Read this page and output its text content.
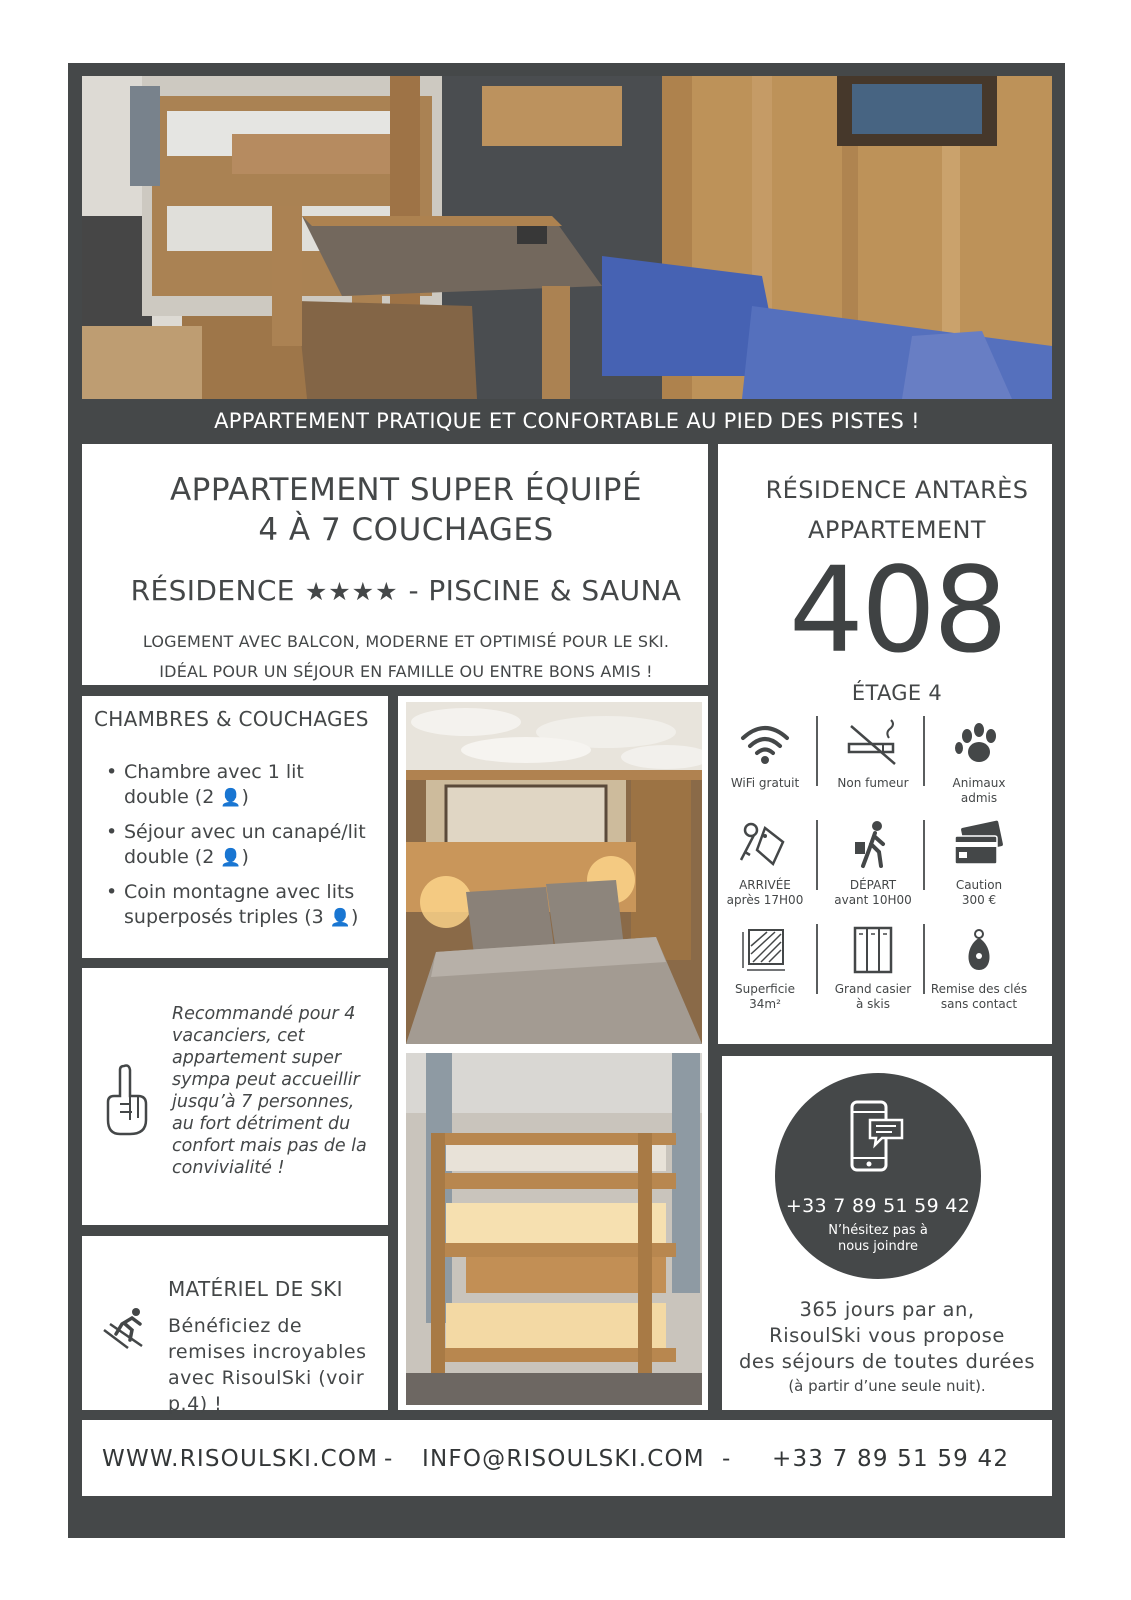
APPARTEMENT PRATIQUE ET CONFORTABLE AU PIED DES PISTES !
APPARTEMENT SUPER ÉQUIPÉ
4 À 7 COUCHAGES
RÉSIDENCE ★★★★ - PISCINE & SAUNA
LOGEMENT AVEC BALCON, MODERNE ET OPTIMISÉ POUR LE SKI.
IDÉAL POUR UN SÉJOUR EN FAMILLE OU ENTRE BONS AMIS !
RÉSIDENCE ANTARÈS
APPARTEMENT
408
ÉTAGE 4
WiFi gratuit	Non fumeur	Animaux
admis
ARRIVÉE
après 17H00
DÉPART
avant 10H00
Caution
300 €
Superficie
34m²
Grand casier
à skis
Remise des clés
sans contact
CHAMBRES & COUCHAGES
• Chambre avec 1 lit
double (2 👤)
• Séjour avec un canapé/lit
double (2 👤)
• Coin montagne avec lits
superposés triples (3 👤)
Recommandé pour 4 vacanciers, cet appartement super sympa peut accueillir jusqu’à 7 personnes, au fort détriment du confort mais pas de la convivialité !
MATÉRIEL DE SKI
Bénéficiez de remises incroyables avec RisoulSki (voir p.4) !
+33 7 89 51 59 42
N’hésitez pas à
nous joindre
365 jours par an,
RisoulSki vous propose
des séjours de toutes durées
(à partir d’une seule nuit).
WWW.RISOULSKI.COM - INFO@RISOULSKI.COM - +33 7 89 51 59 42
